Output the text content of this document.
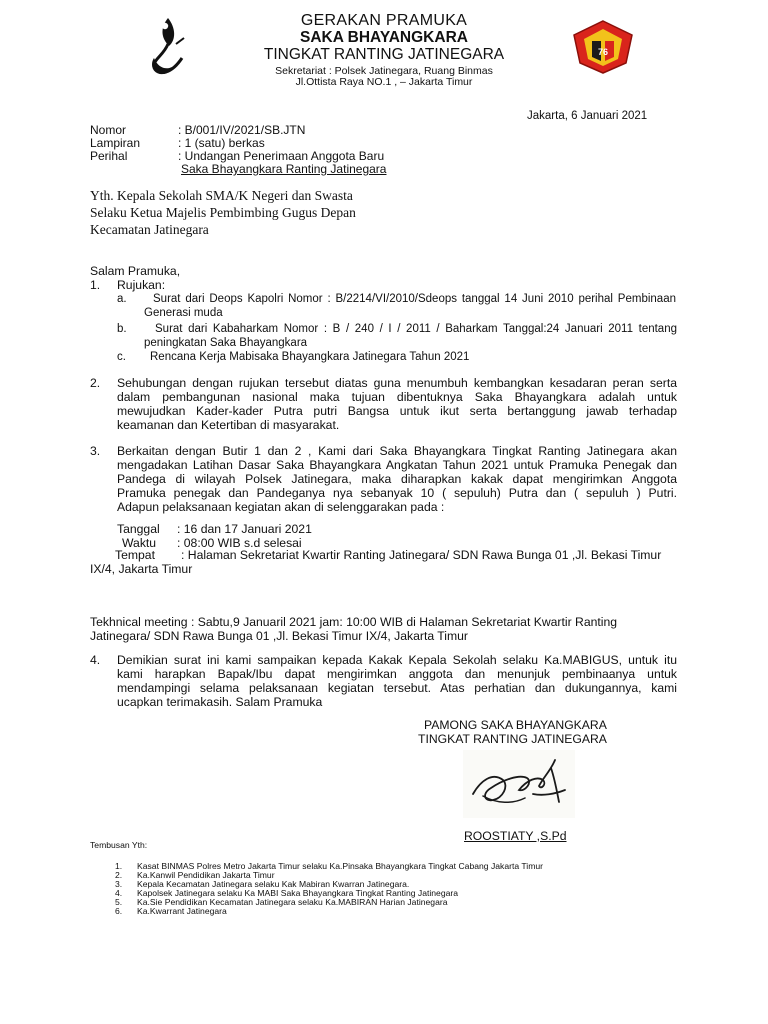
76
GERAKAN PRAMUKA
SAKA BHAYANGKARA
TINGKAT RANTING JATINEGARA
Sekretariat : Polsek Jatinegara, Ruang Binmas
Jl.Ottista Raya NO.1 , – Jakarta Timur
Jakarta, 6 Januari 2021
Nomor	: B/001/IV/2021/SB.JTN
Lampiran	: 1 (satu) berkas
Perihal	: Undangan Penerimaan Anggota Baru
Saka Bhayangkara Ranting Jatinegara
Yth. Kepala Sekolah SMA/K Negeri dan Swasta
Selaku Ketua Majelis Pembimbing Gugus Depan
Kecamatan Jatinegara
Salam Pramuka,
1. Rujukan:
a. Surat dari Deops Kapolri Nomor : B/2214/VI/2010/Sdeops tanggal 14 Juni 2010 perihal Pembinaan
Generasi muda
b. Surat dari Kabaharkam Nomor : B / 240 / I / 2011 / Baharkam Tanggal:24 Januari 2011 tentang
peningkatan Saka Bhayangkara
c. Rencana Kerja Mabisaka Bhayangkara Jatinegara Tahun 2021
2. Sehubungan dengan rujukan tersebut diatas guna menumbuh kembangkan kesadaran peran serta
dalam pembangunan nasional maka tujuan dibentuknya Saka Bhayangkara adalah untuk
mewujudkan Kader-kader Putra putri Bangsa untuk ikut serta bertanggung jawab terhadap
keamanan dan Ketertiban di masyarakat.
3. Berkaitan dengan Butir 1 dan 2 , Kami dari Saka Bhayangkara Tingkat Ranting Jatinegara akan
mengadakan Latihan Dasar Saka Bhayangkara Angkatan Tahun 2021 untuk Pramuka Penegak dan
Pandega di wilayah Polsek Jatinegara, maka diharapkan kakak dapat mengirimkan Anggota
Pramuka penegak dan Pandeganya nya sebanyak 10 ( sepuluh) Putra dan ( sepuluh ) Putri.
Adapun pelaksanaan kegiatan akan di selenggarakan pada :
Tanggal : 16 dan 17 Januari 2021
Waktu : 08:00 WIB s.d selesai
Tempat : Halaman Sekretariat Kwartir Ranting Jatinegara/ SDN Rawa Bunga 01 ,Jl. Bekasi Timur
IX/4, Jakarta Timur
Tekhnical meeting : Sabtu,9 Januaril 2021 jam: 10:00 WIB di Halaman Sekretariat Kwartir Ranting
Jatinegara/ SDN Rawa Bunga 01 ,Jl. Bekasi Timur IX/4, Jakarta Timur
4. Demikian surat ini kami sampaikan kepada Kakak Kepala Sekolah selaku Ka.MABIGUS, untuk itu
kami harapkan Bapak/Ibu dapat mengirimkan anggota dan menunjuk pembinaanya untuk
mendampingi selama pelaksanaan kegiatan tersebut. Atas perhatian dan dukungannya, kami
ucapkan terimakasih. Salam Pramuka
PAMONG SAKA BHAYANGKARA
TINGKAT RANTING JATINEGARA
ROOSTIATY ,S.Pd
Tembusan Yth:
1. Kasat BINMAS Polres Metro Jakarta Timur selaku Ka.Pinsaka Bhayangkara Tingkat Cabang Jakarta Timur
2. Ka.Kanwil Pendidikan Jakarta Timur
3. Kepala Kecamatan Jatinegara selaku Kak Mabiran Kwarran Jatinegara.
4. Kapolsek Jatinegara selaku Ka MABI Saka Bhayangkara Tingkat Ranting Jatinegara
5. Ka.Sie Pendidikan Kecamatan Jatinegara selaku Ka.MABIRAN Harian Jatinegara
6. Ka.Kwarrant Jatinegara
